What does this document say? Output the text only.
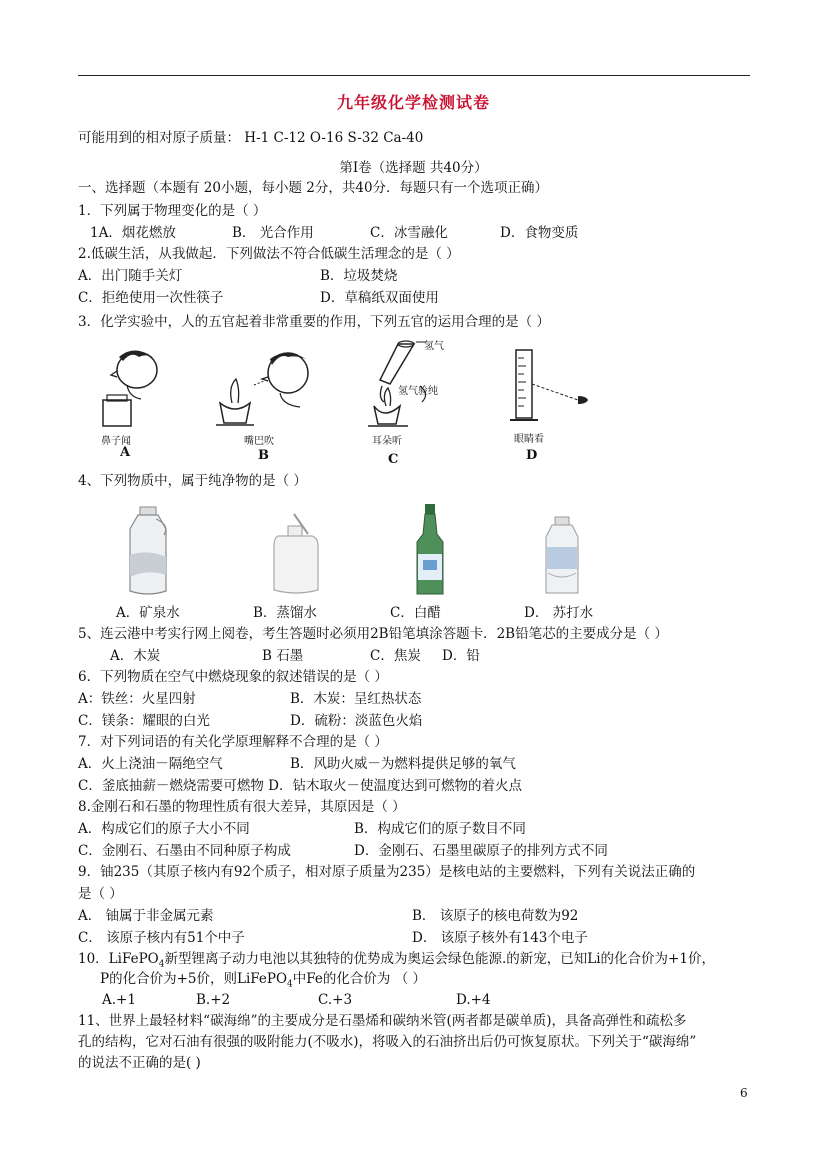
九年级化学检测试卷
可能用到的相对原子质量： H-1 C-12 O-16 S-32 Ca-40
第Ⅰ卷（选择题 共40分）
一、选择题（本题有 20小题，每小题 2分，共40分．每题只有一个选项正确）
1．下列属于物理变化的是（ ）
1A．烟花燃放	B． 光合作用	C．冰雪融化	D．食物变质
2.低碳生活，从我做起．下列做法不符合低碳生活理念的是（ ）
A．出门随手关灯	B．垃圾焚烧
C．拒绝使用一次性筷子	D．草稿纸双面使用
3．化学实验中，人的五官起着非常重要的作用，下列五官的运用合理的是（ ）
鼻子闻
A
嘴巴吹
B
氢气
氢气验纯
耳朵听
C
眼睛看
D
4、下列物质中，属于纯净物的是（ ）
A．矿泉水	B．蒸馏水	C．白醋	D． 苏打水
5、连云港中考实行网上阅卷，考生答题时必须用2B铅笔填涂答题卡．2B铅笔芯的主要成分是（ ）
A．木炭	B 石墨	C．焦炭 D．铅
6．下列物质在空气中燃烧现象的叙述错误的是（ ）
A：铁丝：火星四射	B．木炭：呈红热状态
C．镁条：耀眼的白光	D．硫粉：淡蓝色火焰
7．对下列词语的有关化学原理解释不合理的是（ ）
A．火上浇油－隔绝空气	B．风助火威－为燃料提供足够的氧气
C．釜底抽薪－燃烧需要可燃物 D．钻木取火－使温度达到可燃物的着火点
8.金刚石和石墨的物理性质有很大差异，其原因是（ ）
A．构成它们的原子大小不同	B．构成它们的原子数目不同
C．金刚石、石墨由不同种原子构成	D．金刚石、石墨里碳原子的排列方式不同
9．铀235（其原子核内有92个质子，相对原子质量为235）是核电站的主要燃料，下列有关说法正确的
是（ ）
A． 铀属于非金属元素	B． 该原子的核电荷数为92
C． 该原子核内有51个中子	D． 该原子核外有143个电子
10．LiFePO$_4$新型锂离子动力电池以其独特的优势成为奥运会绿色能源.的新宠，已知Li的化合价为+1价，
P的化合价为+5价，则LiFePO$_4$中Fe的化合价为 （ ）
A.+1	B.+2	C.+3	D.+4
11、世界上最轻材料“碳海绵”的主要成分是石墨烯和碳纳米管(两者都是碳单质)，具备高弹性和疏松多
孔的结构，它对石油有很强的吸附能力(不吸水)，将吸入的石油挤出后仍可恢复原状。下列关于“碳海绵”
的说法不正确的是( )
6
